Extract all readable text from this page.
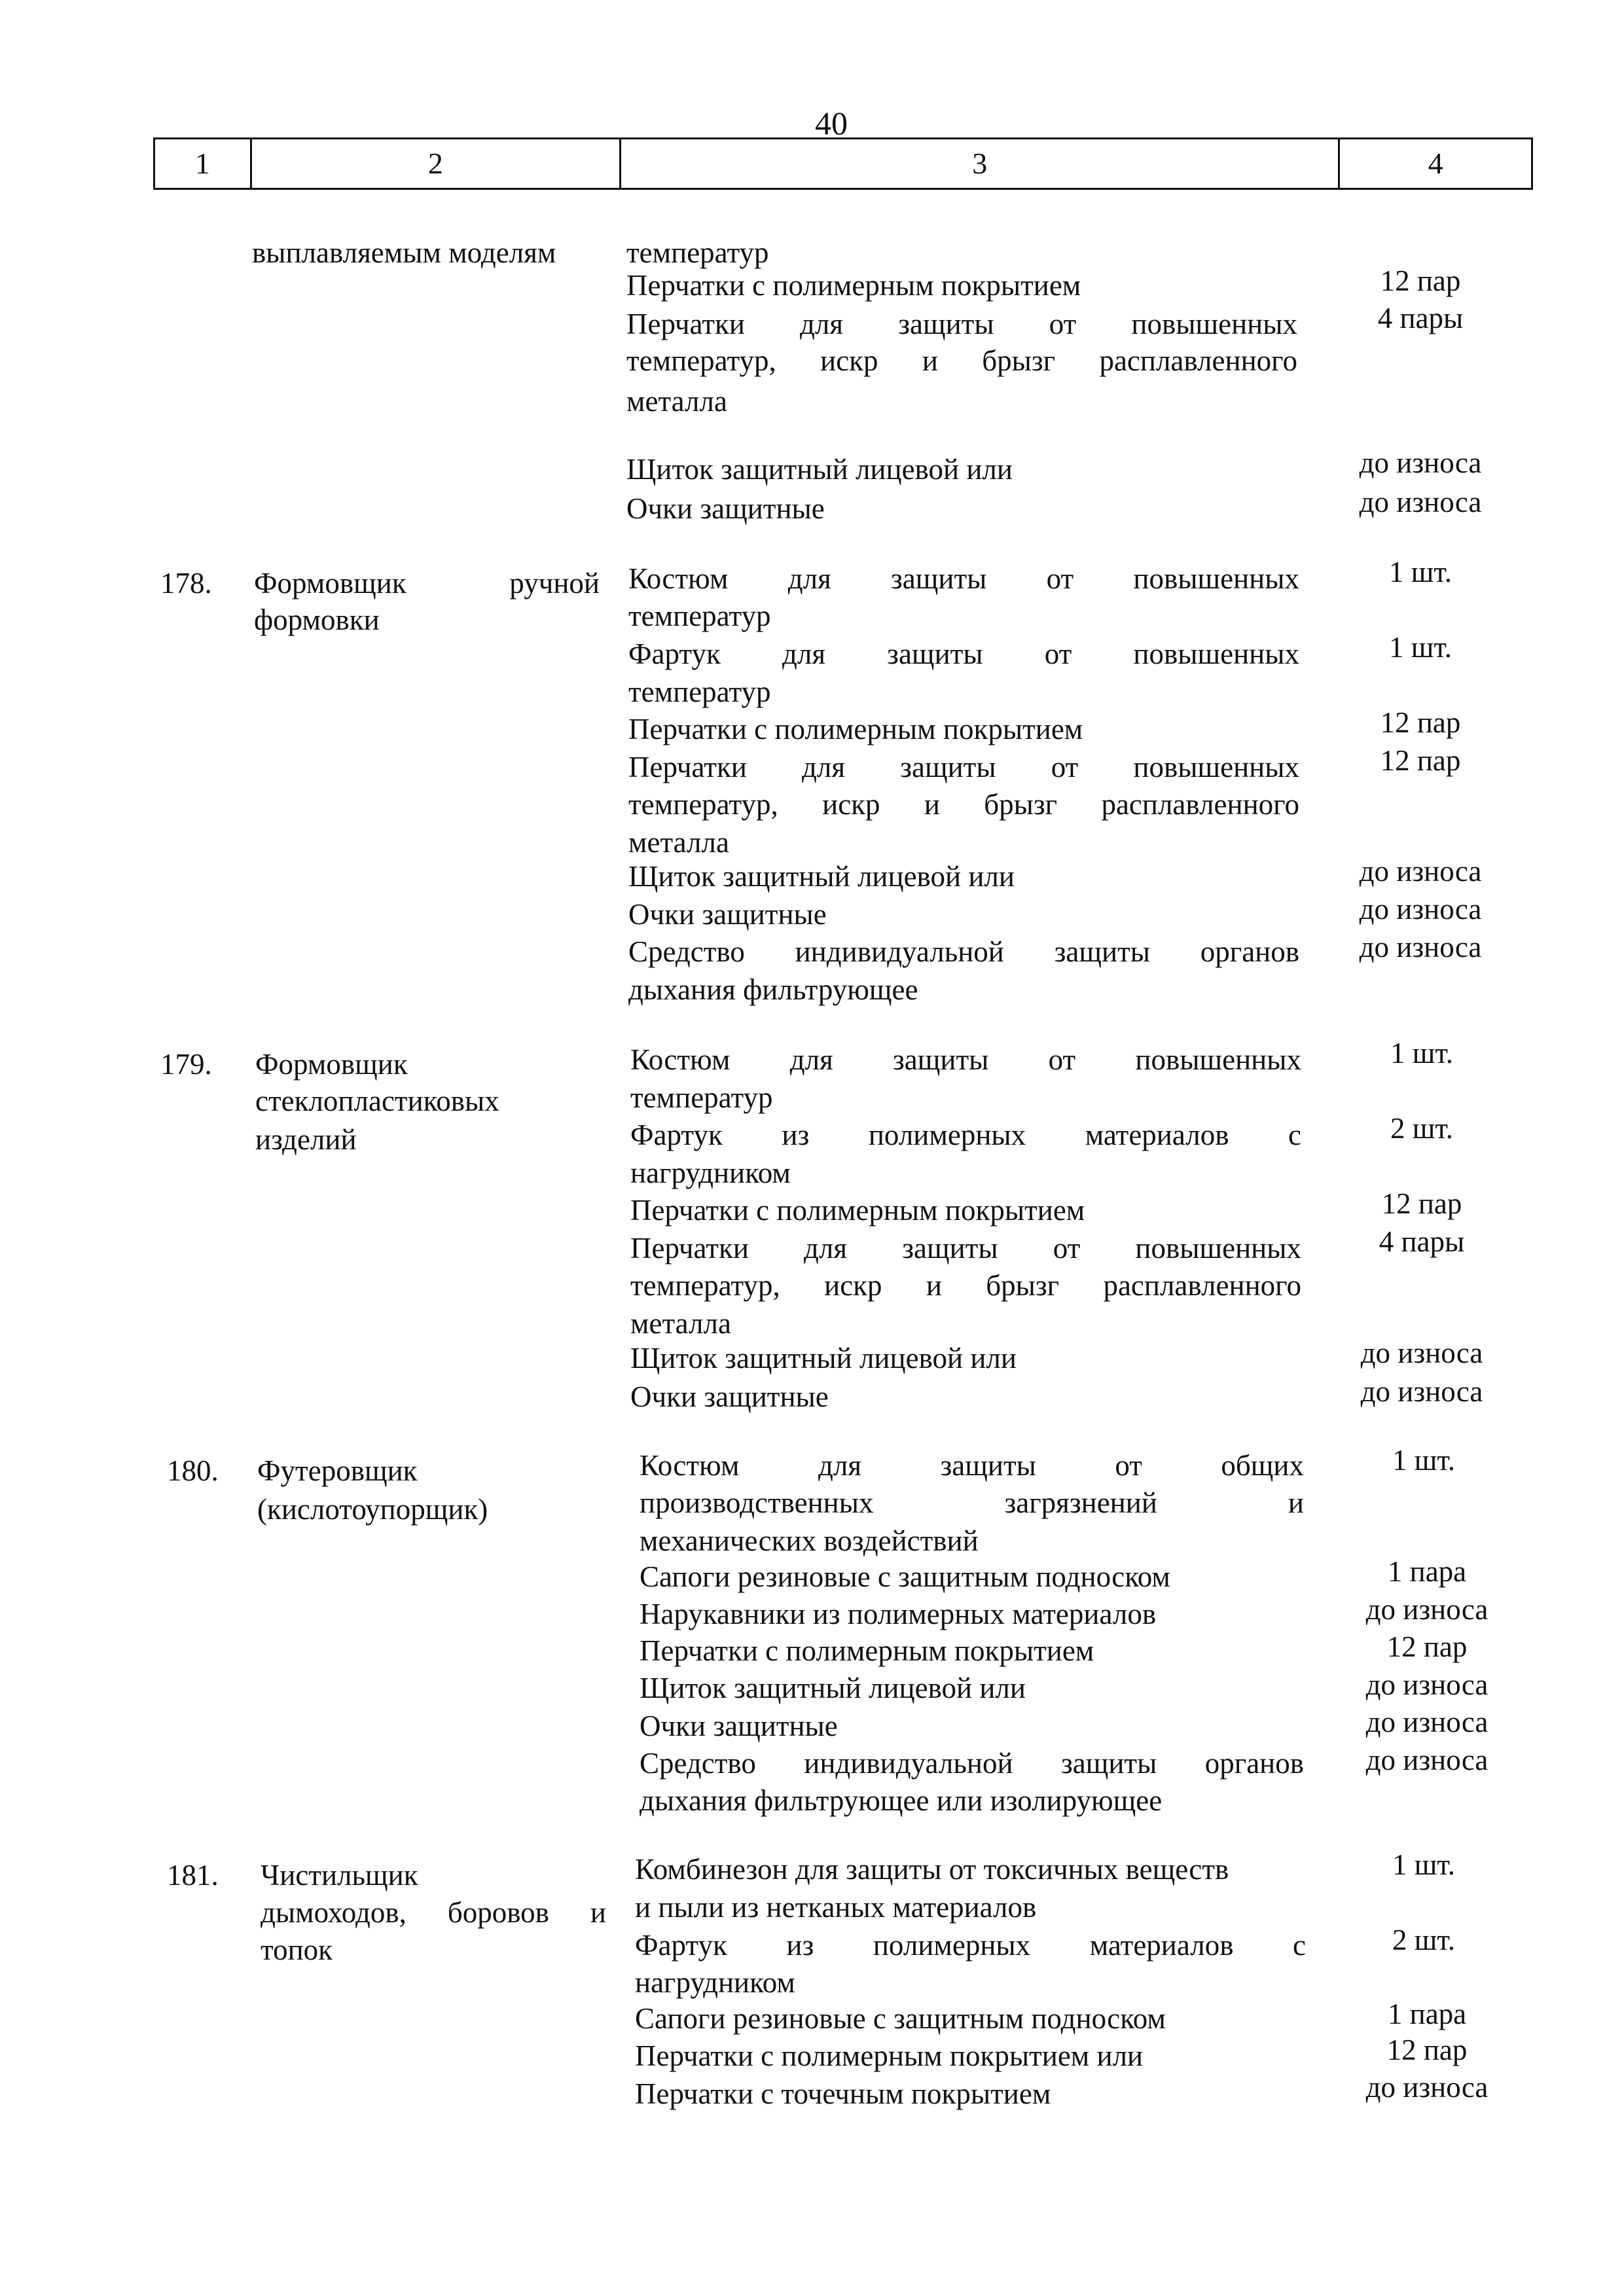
40
1	2	3	4
выплавляемым моделям	температур
Перчатки с полимерным покрытием	12 пар
Перчатки для защиты от повышенных	4 пары
температур, искр и брызг расплавленного
металла
Щиток защитный лицевой или	до износа
Очки защитные	до износа
178.	Формовщик ручной
формовки
Костюм для защиты от повышенных	1 шт.
температур
Фартук для защиты от повышенных	1 шт.
температур
Перчатки с полимерным покрытием	12 пар
Перчатки для защиты от повышенных	12 пар
температур, искр и брызг расплавленного
металла
Щиток защитный лицевой или	до износа
Очки защитные	до износа
Средство индивидуальной защиты органов	до износа
дыхания фильтрующее
179.	Формовщик
стеклопластиковых
изделий
Костюм для защиты от повышенных	1 шт.
температур
Фартук из полимерных материалов с	2 шт.
нагрудником
Перчатки с полимерным покрытием	12 пар
Перчатки для защиты от повышенных	4 пары
температур, искр и брызг расплавленного
металла
Щиток защитный лицевой или	до износа
Очки защитные	до износа
180.	Футеровщик
(кислотоупорщик)
Костюм для защиты от общих	1 шт.
производственных загрязнений и
механических воздействий
Сапоги резиновые с защитным подноском	1 пара
Нарукавники из полимерных материалов	до износа
Перчатки с полимерным покрытием	12 пар
Щиток защитный лицевой или	до износа
Очки защитные	до износа
Средство индивидуальной защиты органов	до износа
дыхания фильтрующее или изолирующее
181.	Чистильщик
дымоходов, боровов и
топок
Комбинезон для защиты от токсичных веществ	1 шт.
и пыли из нетканых материалов
Фартук из полимерных материалов с	2 шт.
нагрудником
Сапоги резиновые с защитным подноском	1 пара
Перчатки с полимерным покрытием или	12 пар
Перчатки с точечным покрытием	до износа
